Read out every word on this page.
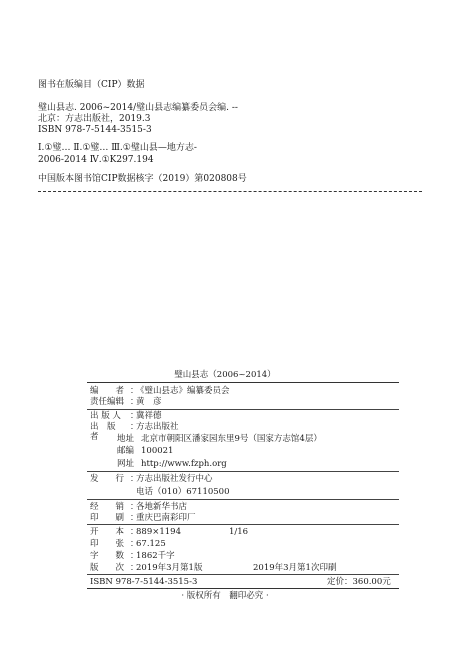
图书在版编目（CIP）数据
璧山县志. 2006~2014/璧山县志编纂委员会编. --
北京：方志出版社，2019.3
ISBN 978-7-5144-3515-3
Ⅰ.①璧… Ⅱ.①璧… Ⅲ.①璧山县—地方志-
2006-2014 Ⅳ.①K297.194
中国版本图书馆CIP数据核字（2019）第020808号
璧山县志（2006~2014）
编　　者 ：
《璧山县志》编纂委员会
责任编辑 ：
黄　彦
出 版 人	：
冀祥德
出　版　者
：
方志出版社
地址 北京市朝阳区潘家园东里9号（国家方志馆4层）
邮编 100021
网址 http://www.fzph.org
发　　行 ：
方志出版社发行中心
电话（010）67110500
经　　销 ：
各地新华书店
印　　刷 ：
重庆巴南彩印厂
开　　本 ：
889×1194	1/16
印　　张 ：
67.125
字　　数 ：
1862千字
版　　次 ：
2019年3月第1版	2019年3月第1次印刷
ISBN 978-7-5144-3515-3	定价：360.00元
· 版权所有　翻印必究 ·
